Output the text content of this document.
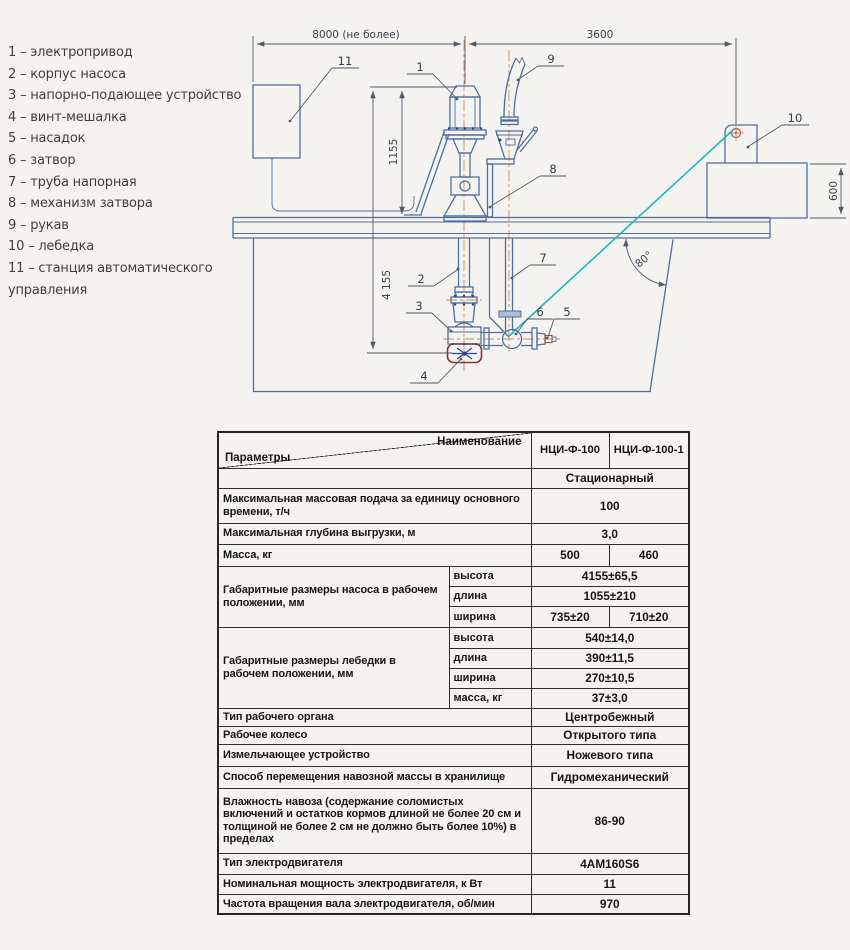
1 – электропривод
2 – корпус насоса
3 – напорно-подающее устройство
4 – винт-мешалка
5 – насадок
6 – затвор
7 – труба напорная
8 – механизм затвора
9 – рукав
10 – лебедка
11 – станция автоматического управления
8000 (не более)	3600
1155
4 155
600
80°
1
2
3
4
5
6
7
8
9
10
11
Наименование
Параметры		НЦИ-Ф-100	НЦИ-Ф-100-1
		Стационарный	
Максимальная массовая подача за единицу основного времени, т/ч		100	
Максимальная глубина выгрузки, м		3,0	
Масса, кг		500	460
Габаритные размеры насоса в рабочем положении, мм	высота	4155±65,5	
	длина	1055±210	
	ширина	735±20	710±20
Габаритные размеры лебедки в рабочем положении, мм	высота	540±14,0	
	длина	390±11,5	
	ширина	270±10,5	
	масса, кг	37±3,0	
Тип рабочего органа		Центробежный	
Рабочее колесо		Открытого типа	
Измельчающее устройство		Ножевого типа	
Способ перемещения навозной массы в хранилище		Гидромеханический	
Влажность навоза (содержание соломистых включений и остатков кормов длиной не более 20 см и толщиной не более 2 см не должно быть более 10%) в пределах		86-90	
Тип электродвигателя		4АМ160S6	
Номинальная мощность электродвигателя, к Вт		11	
Частота вращения вала электродвигателя, об/мин		970	
